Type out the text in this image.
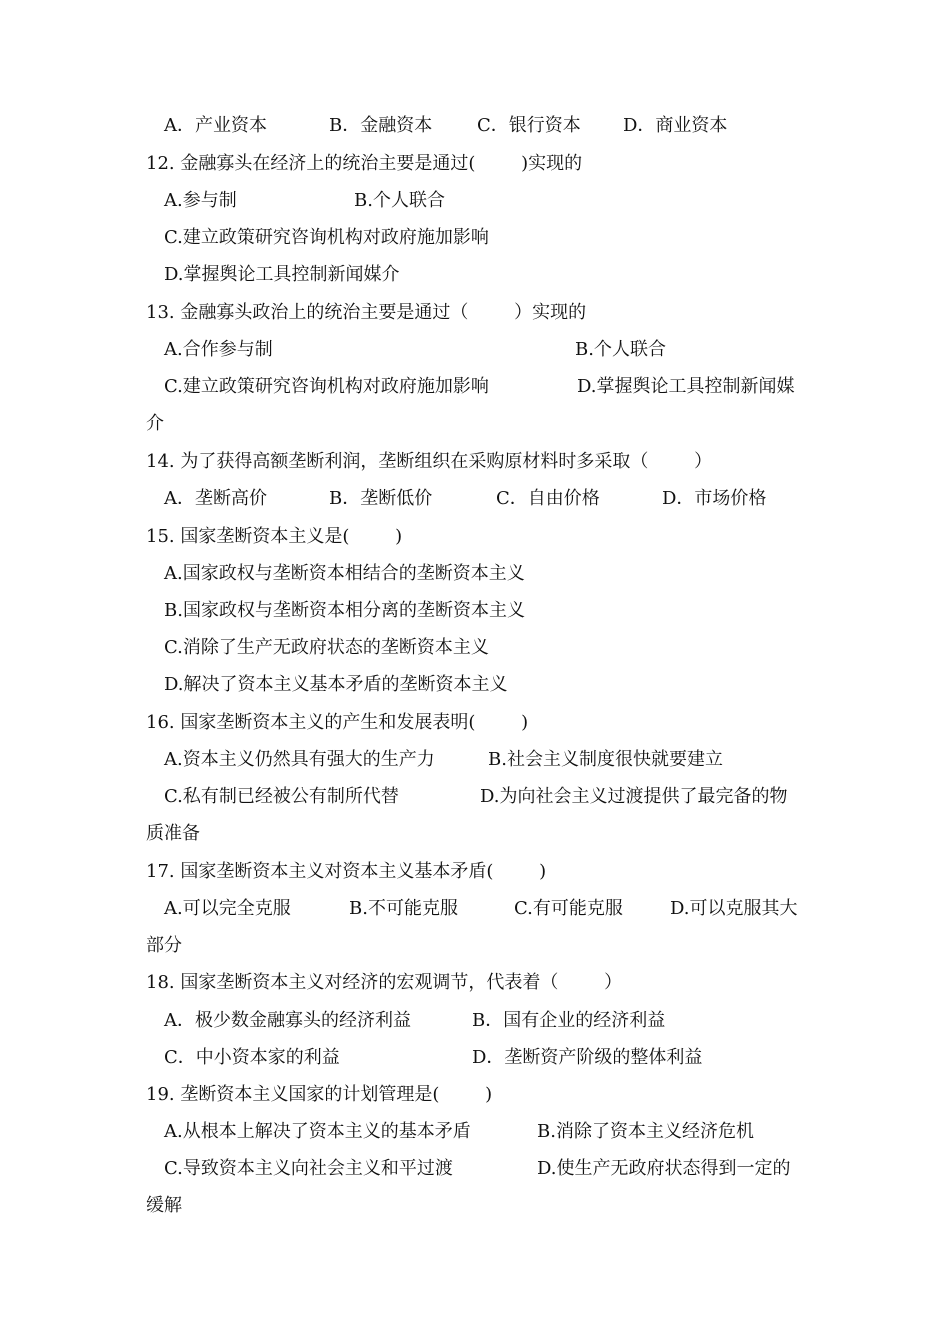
A．产业资本	B．金融资本 C．银行资本 D．商业资本
12. 金融寡头在经济上的统治主要是通过(        )实现的
A.参与制	B.个人联合
C.建立政策研究咨询机构对政府施加影响
D.掌握舆论工具控制新闻媒介
13. 金融寡头政治上的统治主要是通过（        ）实现的
A.合作参与制	B.个人联合
C.建立政策研究咨询机构对政府施加影响	D.掌握舆论工具控制新闻媒
介
14. 为了获得高额垄断利润，垄断组织在采购原材料时多采取（        ）
A．垄断高价	B．垄断低价	C．自由价格	D．市场价格
15. 国家垄断资本主义是(        )
A.国家政权与垄断资本相结合的垄断资本主义
B.国家政权与垄断资本相分离的垄断资本主义
C.消除了生产无政府状态的垄断资本主义
D.解决了资本主义基本矛盾的垄断资本主义
16. 国家垄断资本主义的产生和发展表明(        )
A.资本主义仍然具有强大的生产力	B.社会主义制度很快就要建立
C.私有制已经被公有制所代替	D.为向社会主义过渡提供了最完备的物
质准备
17. 国家垄断资本主义对资本主义基本矛盾(        )
A.可以完全克服	B.不可能克服	C.有可能克服	D.可以克服其大
部分
18. 国家垄断资本主义对经济的宏观调节，代表着（        ）
A．极少数金融寡头的经济利益	B．国有企业的经济利益
C．中小资本家的利益	D．垄断资产阶级的整体利益
19. 垄断资本主义国家的计划管理是(        )
A.从根本上解决了资本主义的基本矛盾	B.消除了资本主义经济危机
C.导致资本主义向社会主义和平过渡	D.使生产无政府状态得到一定的
缓解
